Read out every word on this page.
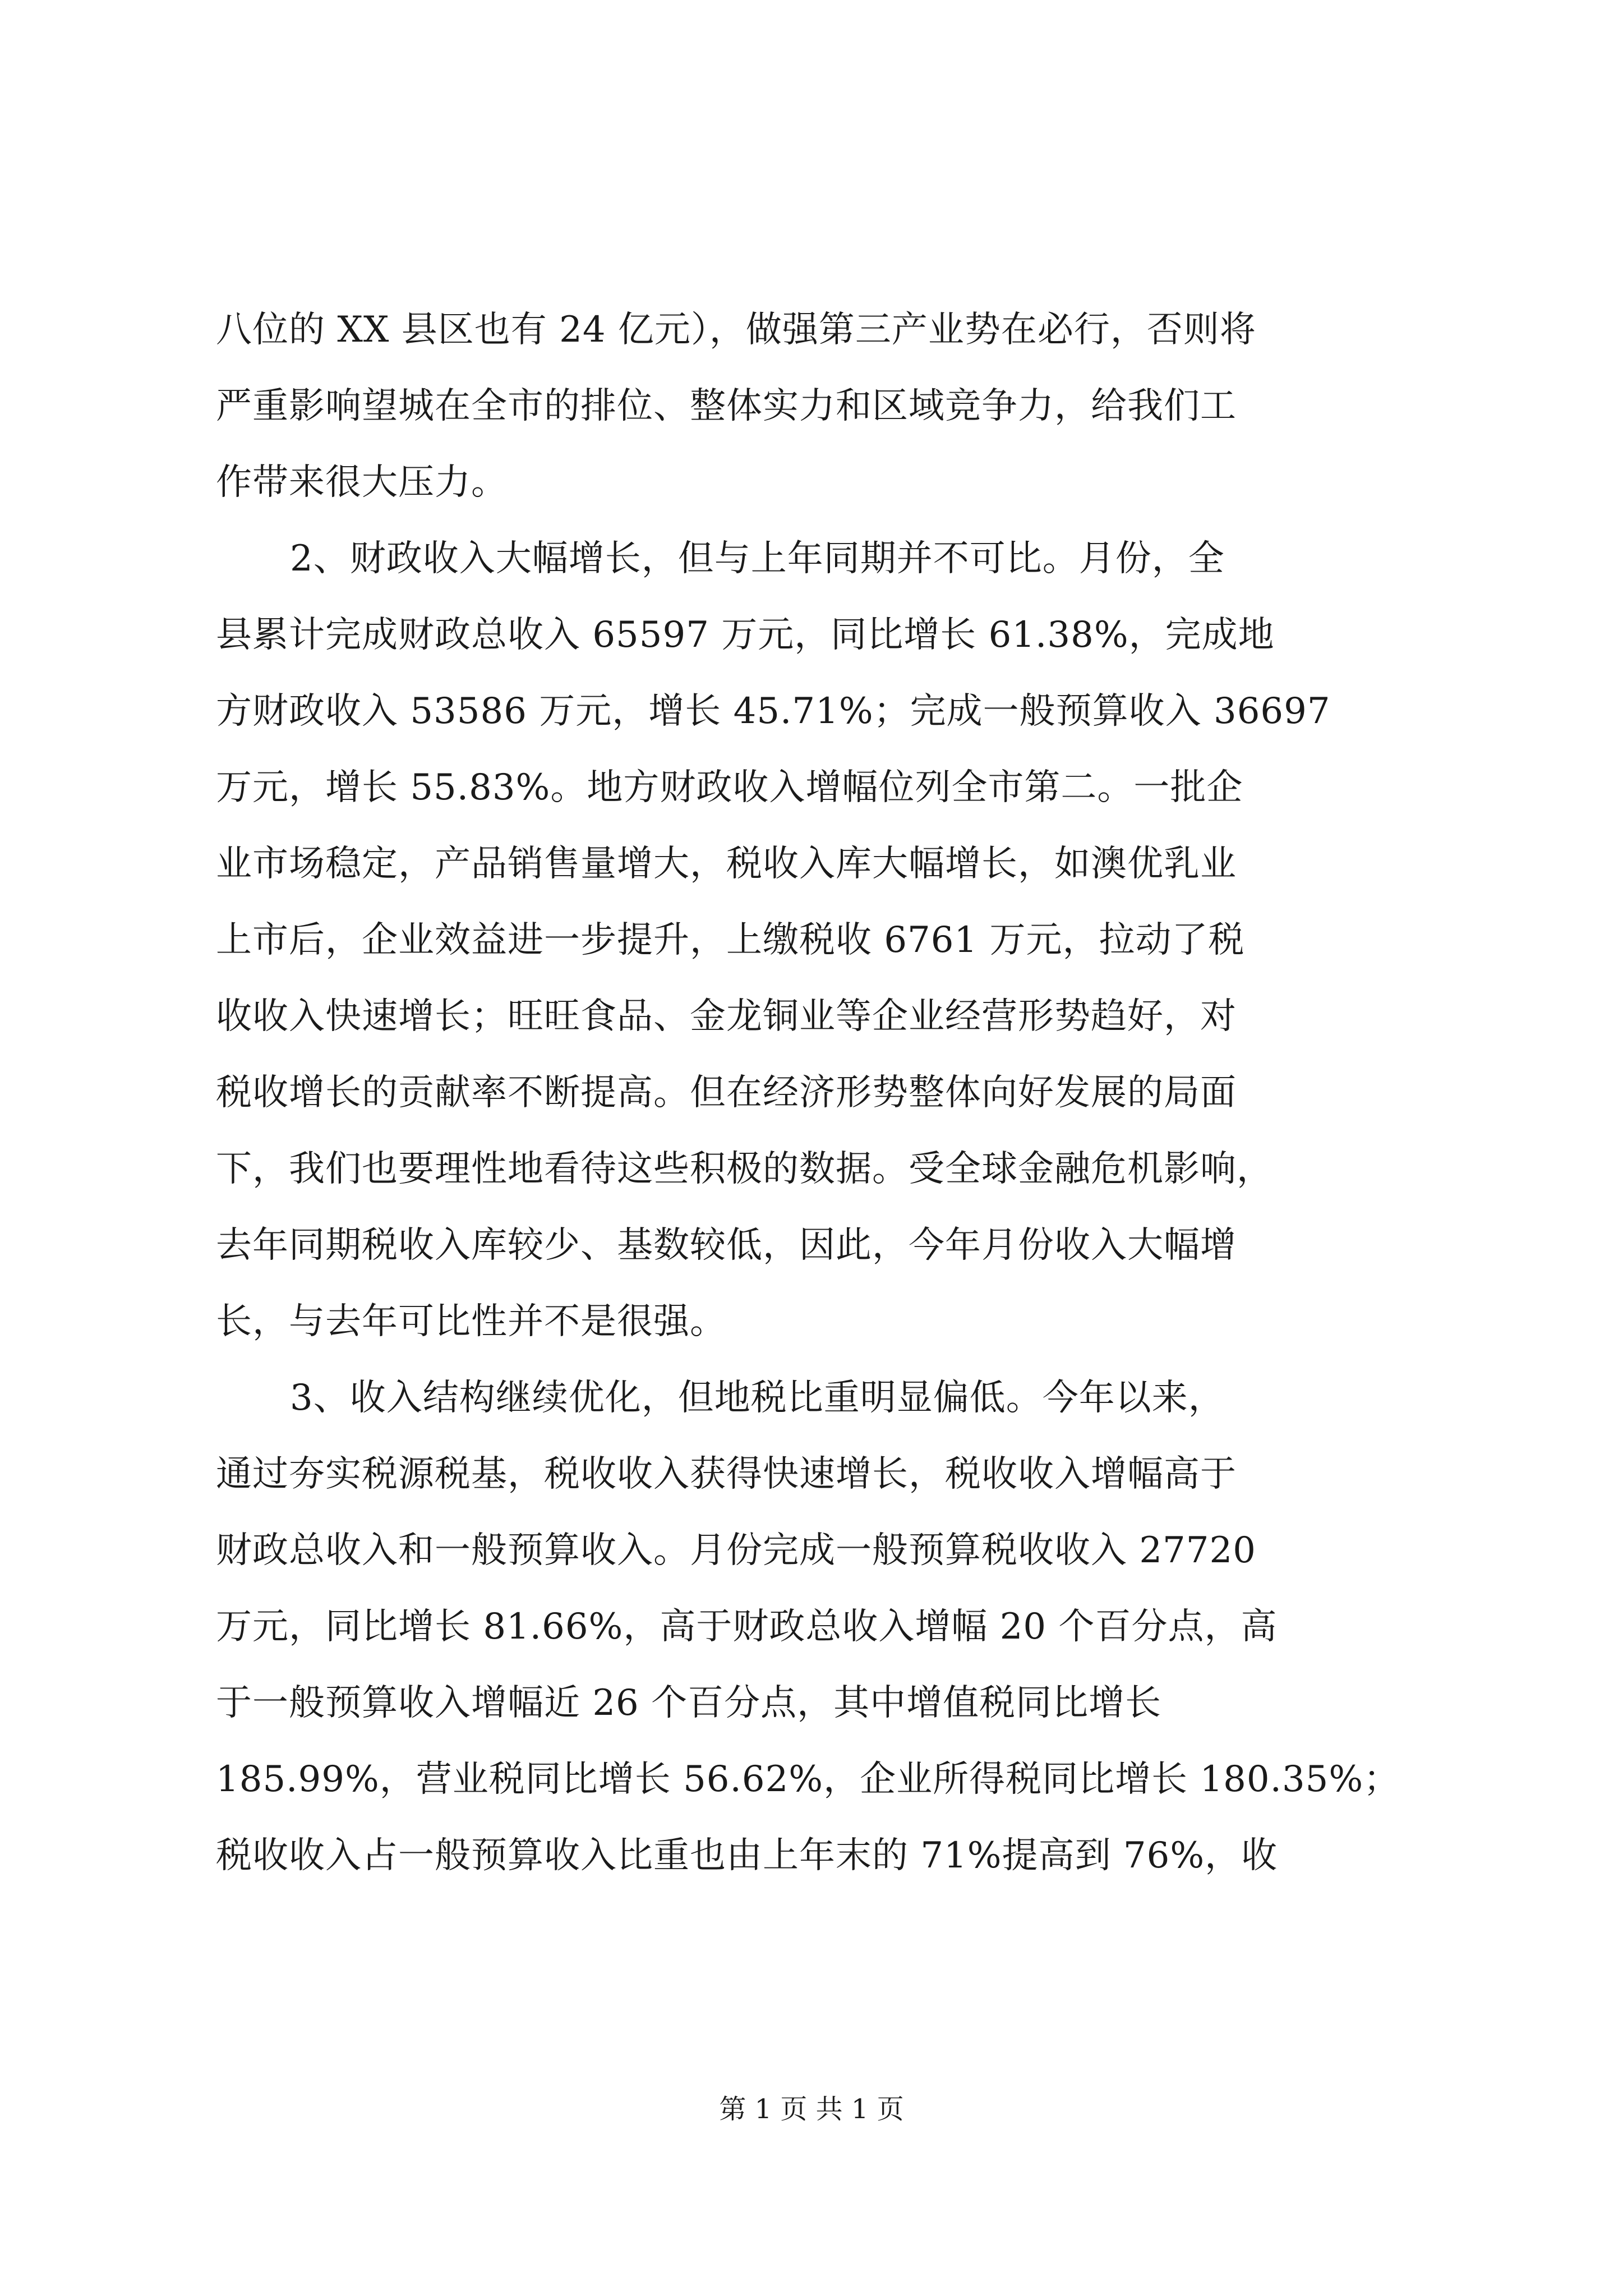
八位的 XX 县区也有 24 亿元），做强第三产业势在必行，否则将
严重影响望城在全市的排位、整体实力和区域竞争力，给我们工
作带来很大压力。
2、财政收入大幅增长，但与上年同期并不可比。月份，全
县累计完成财政总收入 65597 万元，同比增长 61.38%，完成地
方财政收入 53586 万元，增长 45.71%；完成一般预算收入 36697
万元，增长 55.83%。地方财政收入增幅位列全市第二。一批企
业市场稳定，产品销售量增大，税收入库大幅增长，如澳优乳业
上市后，企业效益进一步提升，上缴税收 6761 万元，拉动了税
收收入快速增长；旺旺食品、金龙铜业等企业经营形势趋好，对
税收增长的贡献率不断提高。但在经济形势整体向好发展的局面
下，我们也要理性地看待这些积极的数据。受全球金融危机影响，
去年同期税收入库较少、基数较低，因此，今年月份收入大幅增
长，与去年可比性并不是很强。
3、收入结构继续优化，但地税比重明显偏低。今年以来，
通过夯实税源税基，税收收入获得快速增长，税收收入增幅高于
财政总收入和一般预算收入。月份完成一般预算税收收入 27720
万元，同比增长 81.66%，高于财政总收入增幅 20 个百分点，高
于一般预算收入增幅近 26 个百分点，其中增值税同比增长
185.99%，营业税同比增长 56.62%，企业所得税同比增长 180.35%；
税收收入占一般预算收入比重也由上年末的 71%提高到 76%，收
第 1 页 共 1 页
